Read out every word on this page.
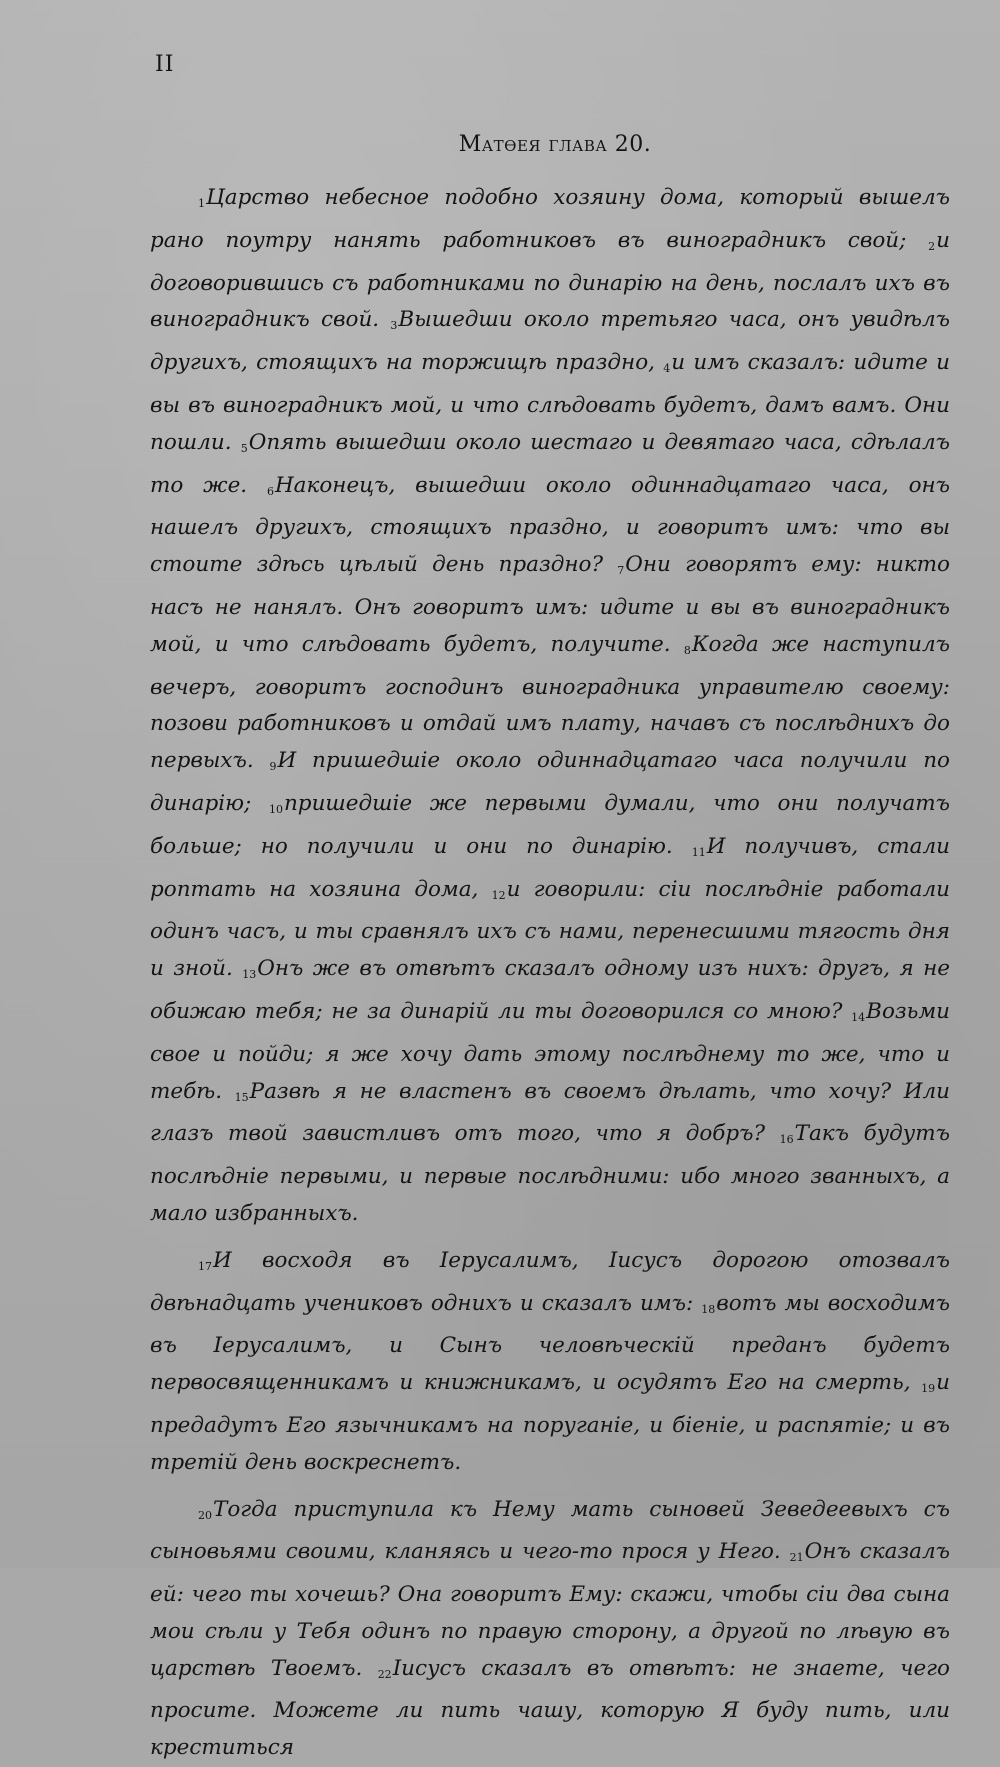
II
Матѳея глава 20.

1Царство небесное подобно хозяину дома, который вышелъ рано поутру нанять работниковъ въ виноградникъ свой; 2и договорившись съ работниками по динарію на день, послалъ ихъ въ виноградникъ свой. 3Вышедши около третьяго часа, онъ увидѣлъ другихъ, стоящихъ на торжищѣ праздно, 4и имъ сказалъ: идите и вы въ виноградникъ мой, и что слѣдовать будетъ, дамъ вамъ. Они пошли. 5Опять вышедши около шестаго и девятаго часа, сдѣлалъ то же. 6Наконецъ, вышедши около одиннадцатаго часа, онъ нашелъ другихъ, стоящихъ праздно, и говоритъ имъ: что вы стоите здѣсь цѣлый день праздно? 7Они говорятъ ему: никто насъ не нанялъ. Онъ говоритъ имъ: идите и вы въ виноградникъ мой, и что слѣдовать будетъ, получите. 8Когда же наступилъ вечеръ, говоритъ господинъ виноградника управителю своему: позови работниковъ и отдай имъ плату, начавъ съ послѣднихъ до первыхъ. 9И пришедшіе около одиннадцатаго часа получили по динарію; 10пришедшіе же первыми думали, что они получатъ больше; но получили и они по динарію. 11И получивъ, стали роптать на хозяина дома, 12и говорили: сіи послѣдніе работали одинъ часъ, и ты сравнялъ ихъ съ нами, перенесшими тягость дня и зной. 13Онъ же въ отвѣтъ сказалъ одному изъ нихъ: другъ, я не обижаю тебя; не за динарій ли ты договорился со мною? 14Возьми свое и пойди; я же хочу дать этому послѣднему то же, что и тебѣ. 15Развѣ я не властенъ въ своемъ дѣлать, что хочу? Или глазъ твой завистливъ отъ того, что я добръ? 16Такъ будутъ послѣдніе первыми, и первые послѣдними: ибо много званныхъ, а мало избранныхъ.

17И восходя въ Іерусалимъ, Іисусъ дорогою отозвалъ двѣнадцать учениковъ однихъ и сказалъ имъ: 18вотъ мы восходимъ въ Іерусалимъ, и Сынъ человѣческій преданъ будетъ первосвященникамъ и книжникамъ, и осудятъ Его на смерть, 19и предадутъ Его язычникамъ на поруганіе, и біеніе, и распятіе; и въ третій день воскреснетъ.

20Тогда приступила къ Нему мать сыновей Зеведеевыхъ съ сыновьями своими, кланяясь и чего-то прося у Него. 21Онъ сказалъ ей: чего ты хочешь? Она говоритъ Ему: скажи, чтобы сіи два сына мои сѣли у Тебя одинъ по правую сторону, а другой по лѣвую въ царствѣ Твоемъ. 22Іисусъ сказалъ въ отвѣтъ: не знаете, чего просите. Можете ли пить чашу, которую Я буду пить, или креститься
